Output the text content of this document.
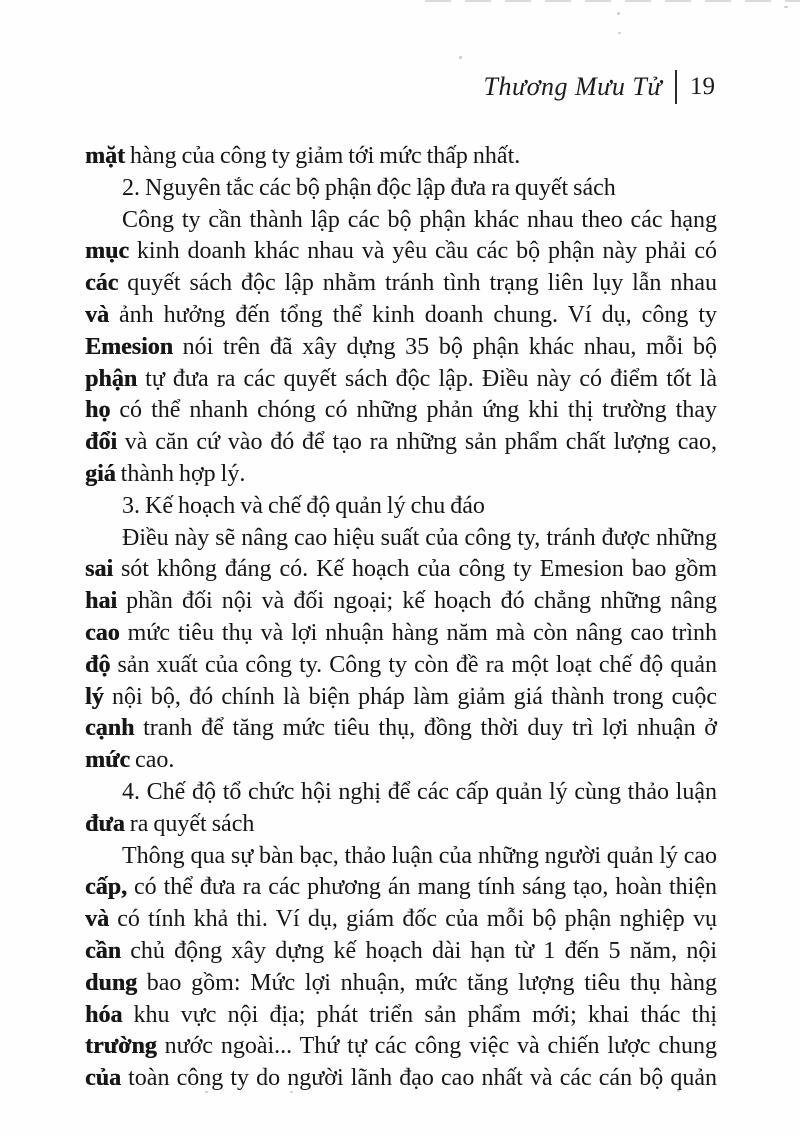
Thương Mưu Tử 19
mặt hàng của công ty giảm tới mức thấp nhất.
2. Nguyên tắc các bộ phận độc lập đưa ra quyết sách
Công ty cần thành lập các bộ phận khác nhau theo các hạng
mục kinh doanh khác nhau và yêu cầu các bộ phận này phải có
các quyết sách độc lập nhằm tránh tình trạng liên lụy lẫn nhau
và ảnh hưởng đến tổng thể kinh doanh chung. Ví dụ, công ty
Emesion nói trên đã xây dựng 35 bộ phận khác nhau, mỗi bộ
phận tự đưa ra các quyết sách độc lập. Điều này có điểm tốt là
họ có thể nhanh chóng có những phản ứng khi thị trường thay
đổi và căn cứ vào đó để tạo ra những sản phẩm chất lượng cao,
giá thành hợp lý.
3. Kế hoạch và chế độ quản lý chu đáo
Điều này sẽ nâng cao hiệu suất của công ty, tránh được những
sai sót không đáng có. Kế hoạch của công ty Emesion bao gồm
hai phần đối nội và đối ngoại; kế hoạch đó chẳng những nâng
cao mức tiêu thụ và lợi nhuận hàng năm mà còn nâng cao trình
độ sản xuất của công ty. Công ty còn đề ra một loạt chế độ quản
lý nội bộ, đó chính là biện pháp làm giảm giá thành trong cuộc
cạnh tranh để tăng mức tiêu thụ, đồng thời duy trì lợi nhuận ở
mức cao.
4. Chế độ tổ chức hội nghị để các cấp quản lý cùng thảo luận
đưa ra quyết sách
Thông qua sự bàn bạc, thảo luận của những người quản lý cao
cấp, có thể đưa ra các phương án mang tính sáng tạo, hoàn thiện
và có tính khả thi. Ví dụ, giám đốc của mỗi bộ phận nghiệp vụ
cần chủ động xây dựng kế hoạch dài hạn từ 1 đến 5 năm, nội
dung bao gồm: Mức lợi nhuận, mức tăng lượng tiêu thụ hàng
hóa khu vực nội địa; phát triển sản phẩm mới; khai thác thị
trường nước ngoài... Thứ tự các công việc và chiến lược chung
của toàn công ty do người lãnh đạo cao nhất và các cán bộ quản
